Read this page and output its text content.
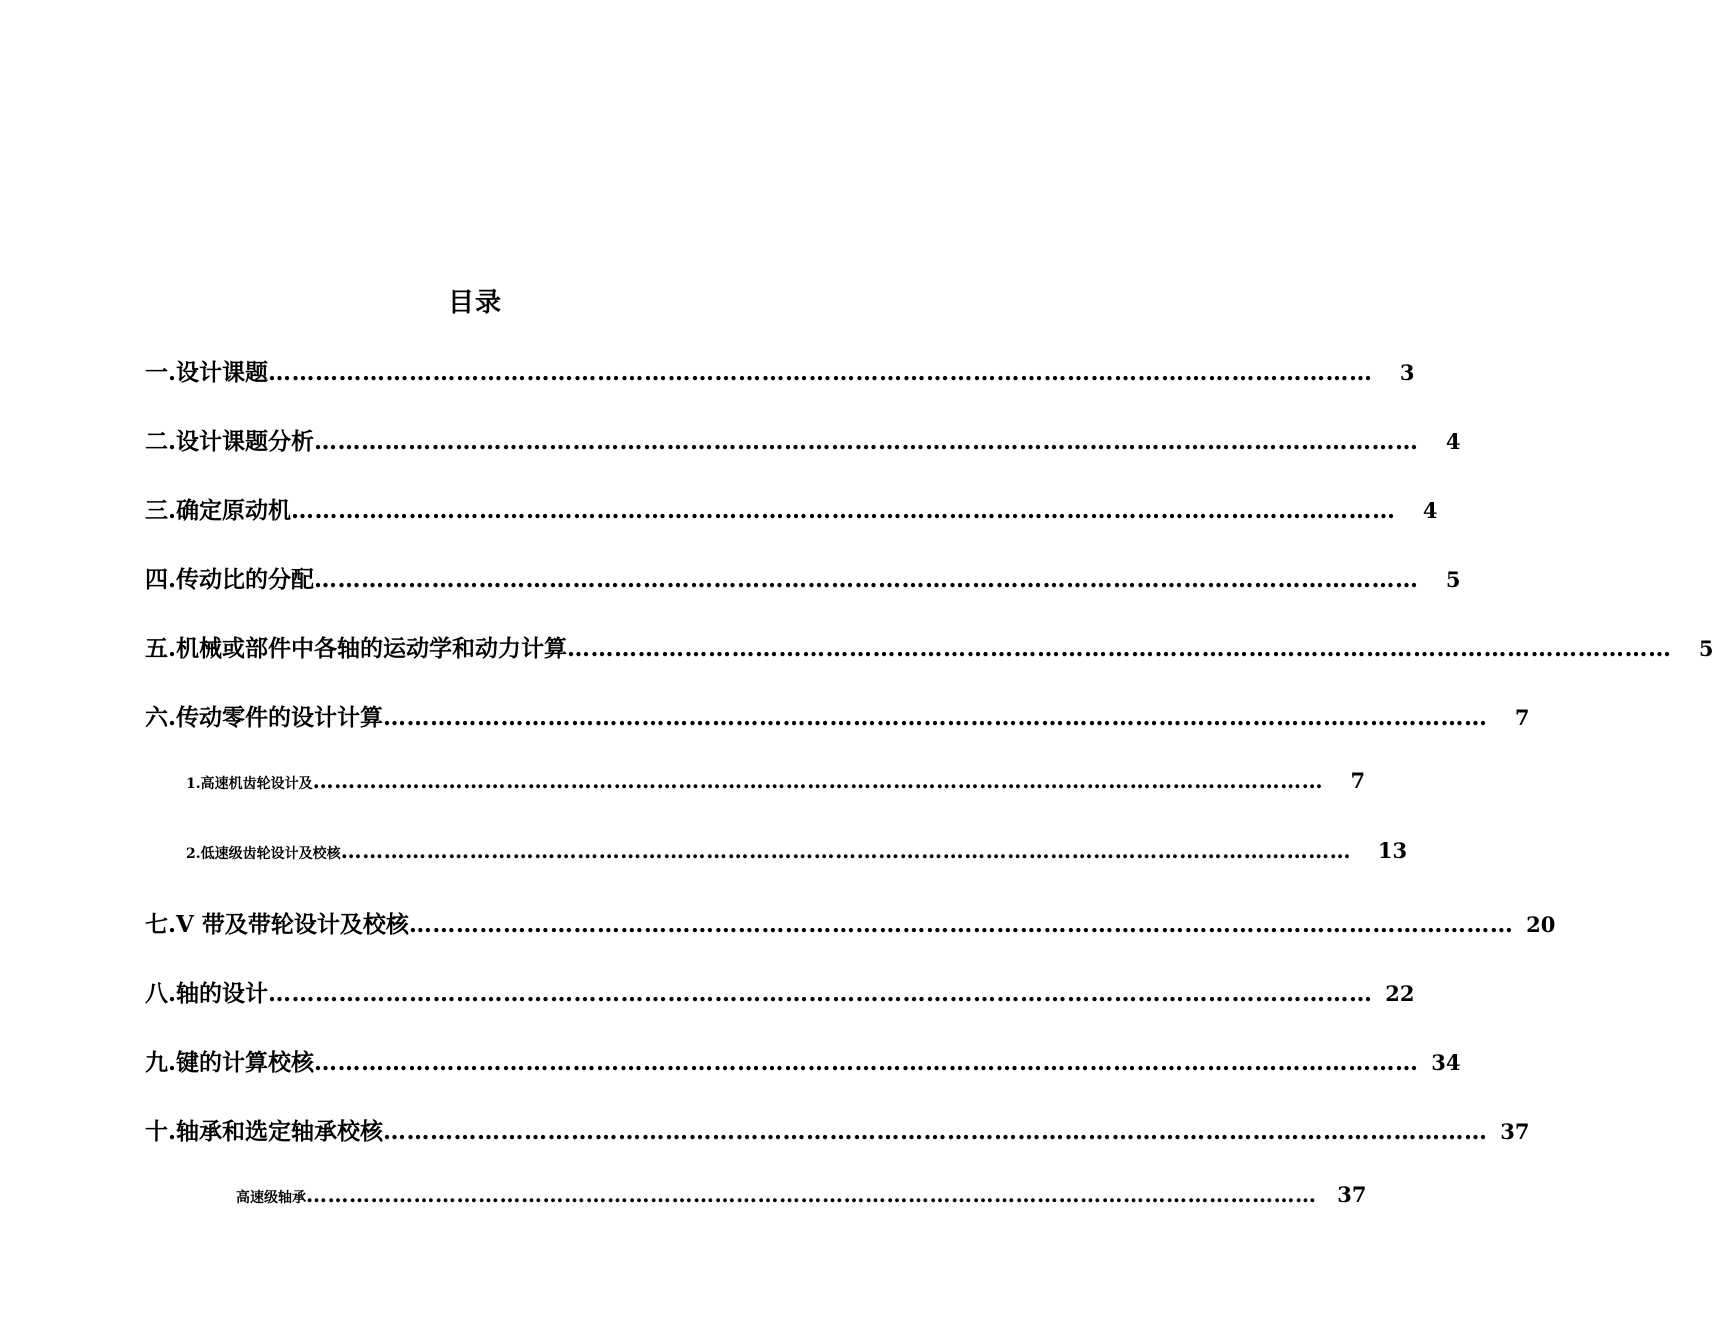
目录
一.设计课题 ……………………………………………………………………………………………………………………………	3
二.设计课题分析 ……………………………………………………………………………………………………………………………	4
三.确定原动机 ……………………………………………………………………………………………………………………………	4
四.传动比的分配 ……………………………………………………………………………………………………………………………	5
五.机械或部件中各轴的运动学和动力计算 ……………………………………………………………………………………………………………………………	5
六.传动零件的设计计算 ……………………………………………………………………………………………………………………………	7
1.高速机齿轮设计及 ……………………………………………………………………………………………………………………………	7
2.低速级齿轮设计及校核 ……………………………………………………………………………………………………………………………	13
七.V 带及带轮设计及校核 …………………………………………………………………………………………………………………………… 20
八.轴的设计 …………………………………………………………………………………………………………………………… 22
九.键的计算校核 …………………………………………………………………………………………………………………………… 34
十.轴承和选定轴承校核 …………………………………………………………………………………………………………………………… 37
高速级轴承 …………………………………………………………………………………………………………………………… 37
